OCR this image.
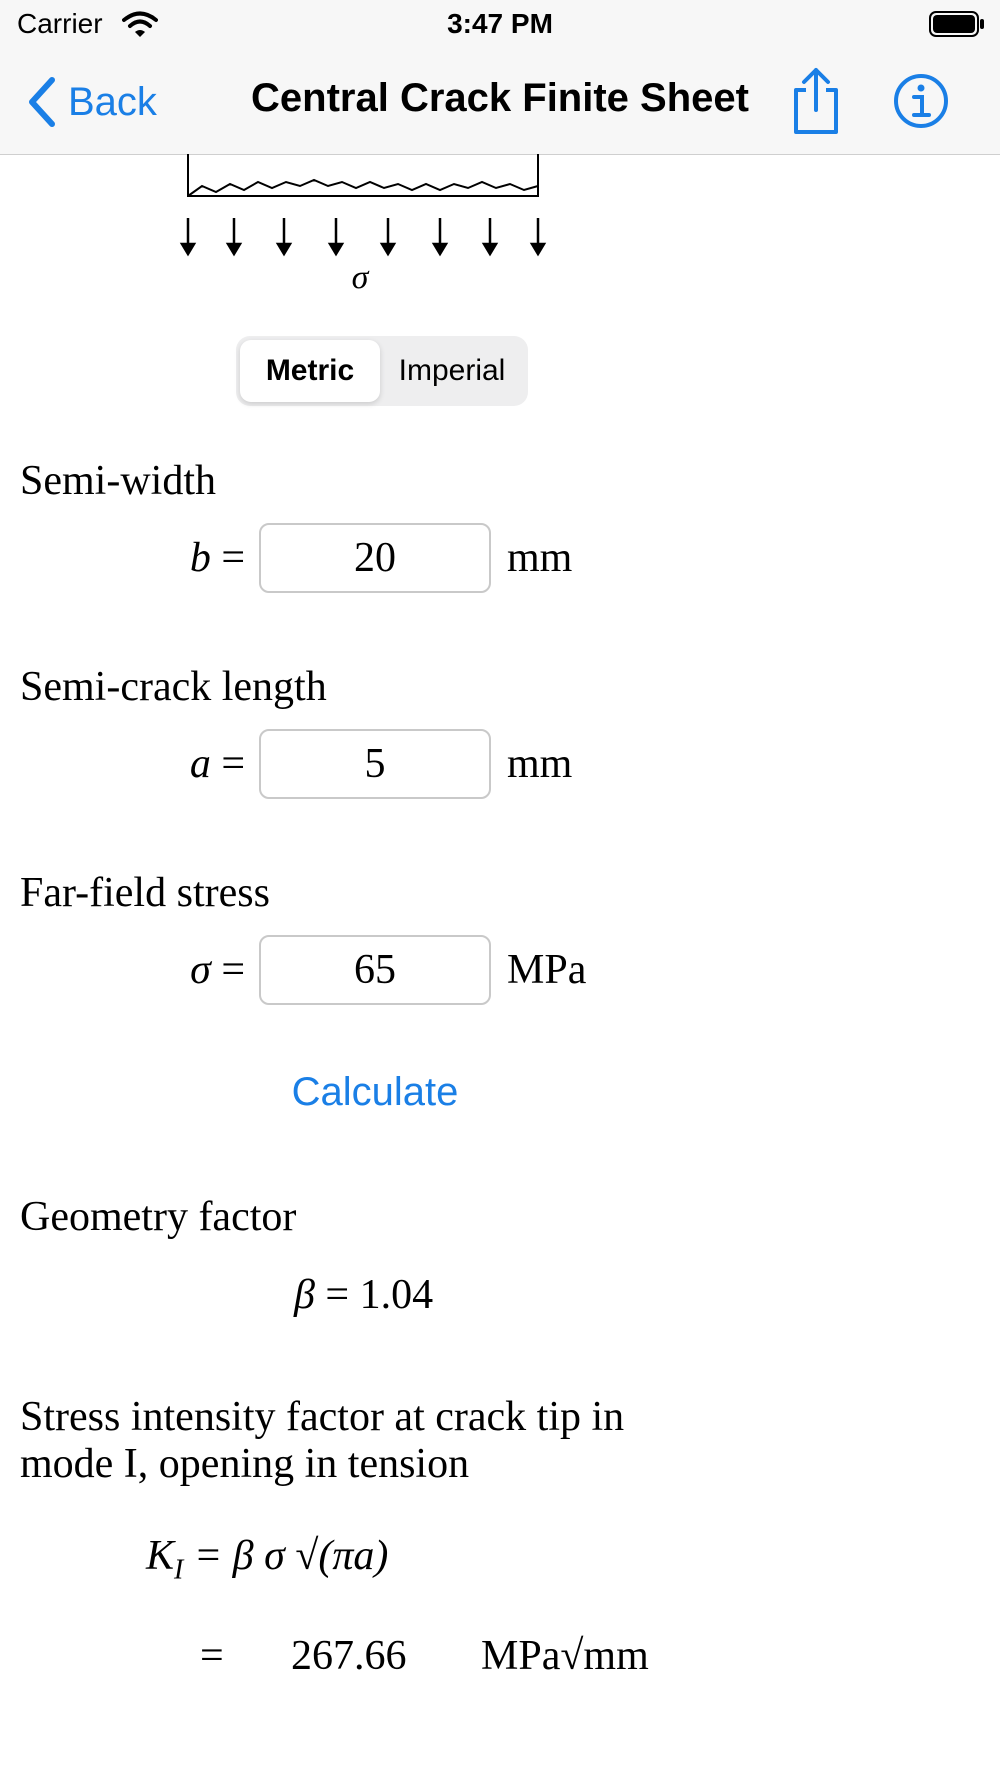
Carrier	3:47 PM
Back	Central Crack Finite Sheet
σ
Metric	Imperial
Semi-width
b =	20	mm
Semi-crack length
a =	5	mm
Far-field stress
σ =	65	MPa
Calculate
Geometry factor
β = 1.04
Stress intensity factor at crack tip in
mode I, opening in tension
$K_I = \beta$ σ √(πa)
= 267.66 MPa√mm
